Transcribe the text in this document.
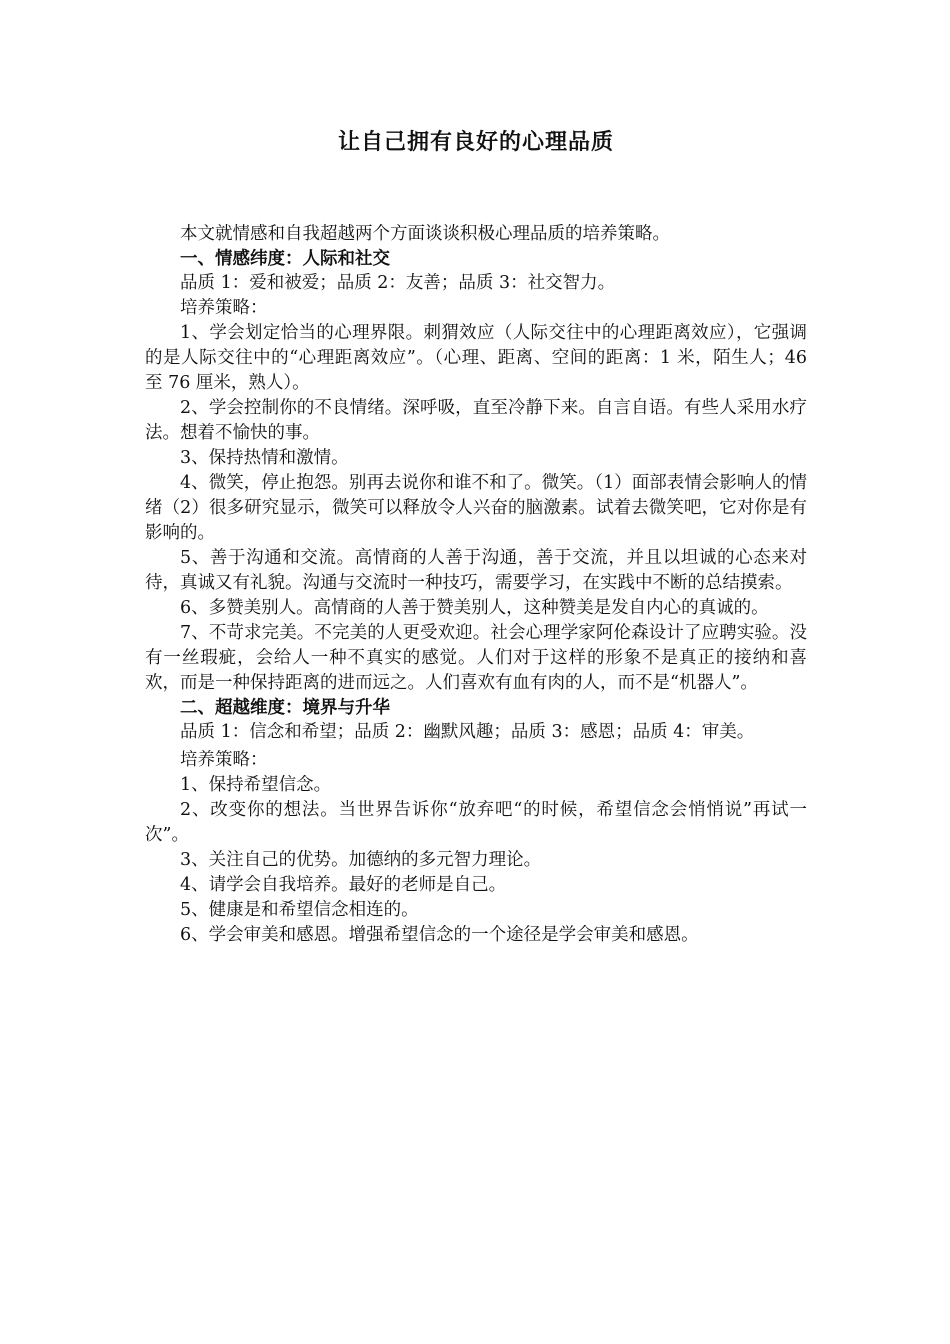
让自己拥有良好的心理品质

本文就情感和自我超越两个方面谈谈积极心理品质的培养策略。

一、情感纬度：人际和社交

品质 1：爱和被爱；品质 2：友善；品质 3：社交智力。

培养策略：

1、学会划定恰当的心理界限。刺猬效应（人际交往中的心理距离效应），它强调的是人际交往中的“心理距离效应”。（心理、距离、空间的距离：1 米，陌生人；46 至 76 厘米，熟人）。

2、学会控制你的不良情绪。深呼吸，直至冷静下来。自言自语。有些人采用水疗法。想着不愉快的事。

3、保持热情和激情。

4、微笑，停止抱怨。别再去说你和谁不和了。微笑。（1）面部表情会影响人的情绪（2）很多研究显示，微笑可以释放令人兴奋的脑激素。试着去微笑吧，它对你是有影响的。

5、善于沟通和交流。高情商的人善于沟通，善于交流，并且以坦诚的心态来对待，真诚又有礼貌。沟通与交流时一种技巧，需要学习，在实践中不断的总结摸索。

6、多赞美别人。高情商的人善于赞美别人，这种赞美是发自内心的真诚的。

7、不苛求完美。不完美的人更受欢迎。社会心理学家阿伦森设计了应聘实验。没有一丝瑕疵，会给人一种不真实的感觉。人们对于这样的形象不是真正的接纳和喜欢，而是一种保持距离的进而远之。人们喜欢有血有肉的人，而不是“机器人”。

二、超越维度：境界与升华

品质 1：信念和希望；品质 2：幽默风趣；品质 3：感恩；品质 4：审美。

培养策略：

1、保持希望信念。

2、改变你的想法。当世界告诉你“放弃吧“的时候，希望信念会悄悄说”再试一次”。

3、关注自己的优势。加德纳的多元智力理论。

4、请学会自我培养。最好的老师是自己。

5、健康是和希望信念相连的。

6、学会审美和感恩。增强希望信念的一个途径是学会审美和感恩。
